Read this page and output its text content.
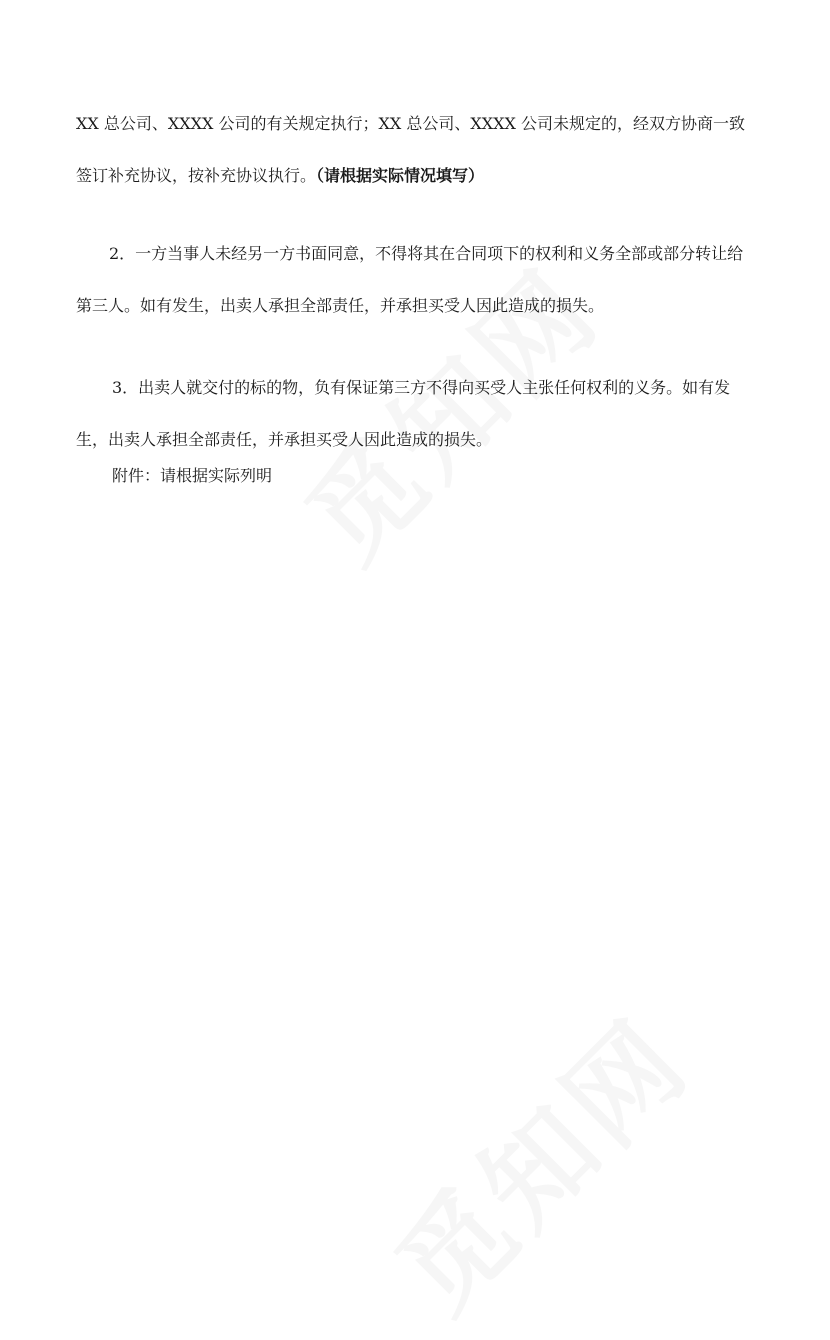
XX 总公司、XXXX 公司的有关规定执行；XX 总公司、XXXX 公司未规定的，经双方协商一致签订补充协议，按补充协议执行。（请根据实际情况填写）

2．一方当事人未经另一方书面同意，不得将其在合同项下的权利和义务全部或部分转让给第三人。如有发生，出卖人承担全部责任，并承担买受人因此造成的损失。

3．出卖人就交付的标的物，负有保证第三方不得向买受人主张任何权利的义务。如有发生，出卖人承担全部责任，并承担买受人因此造成的损失。

附件：请根据实际列明
